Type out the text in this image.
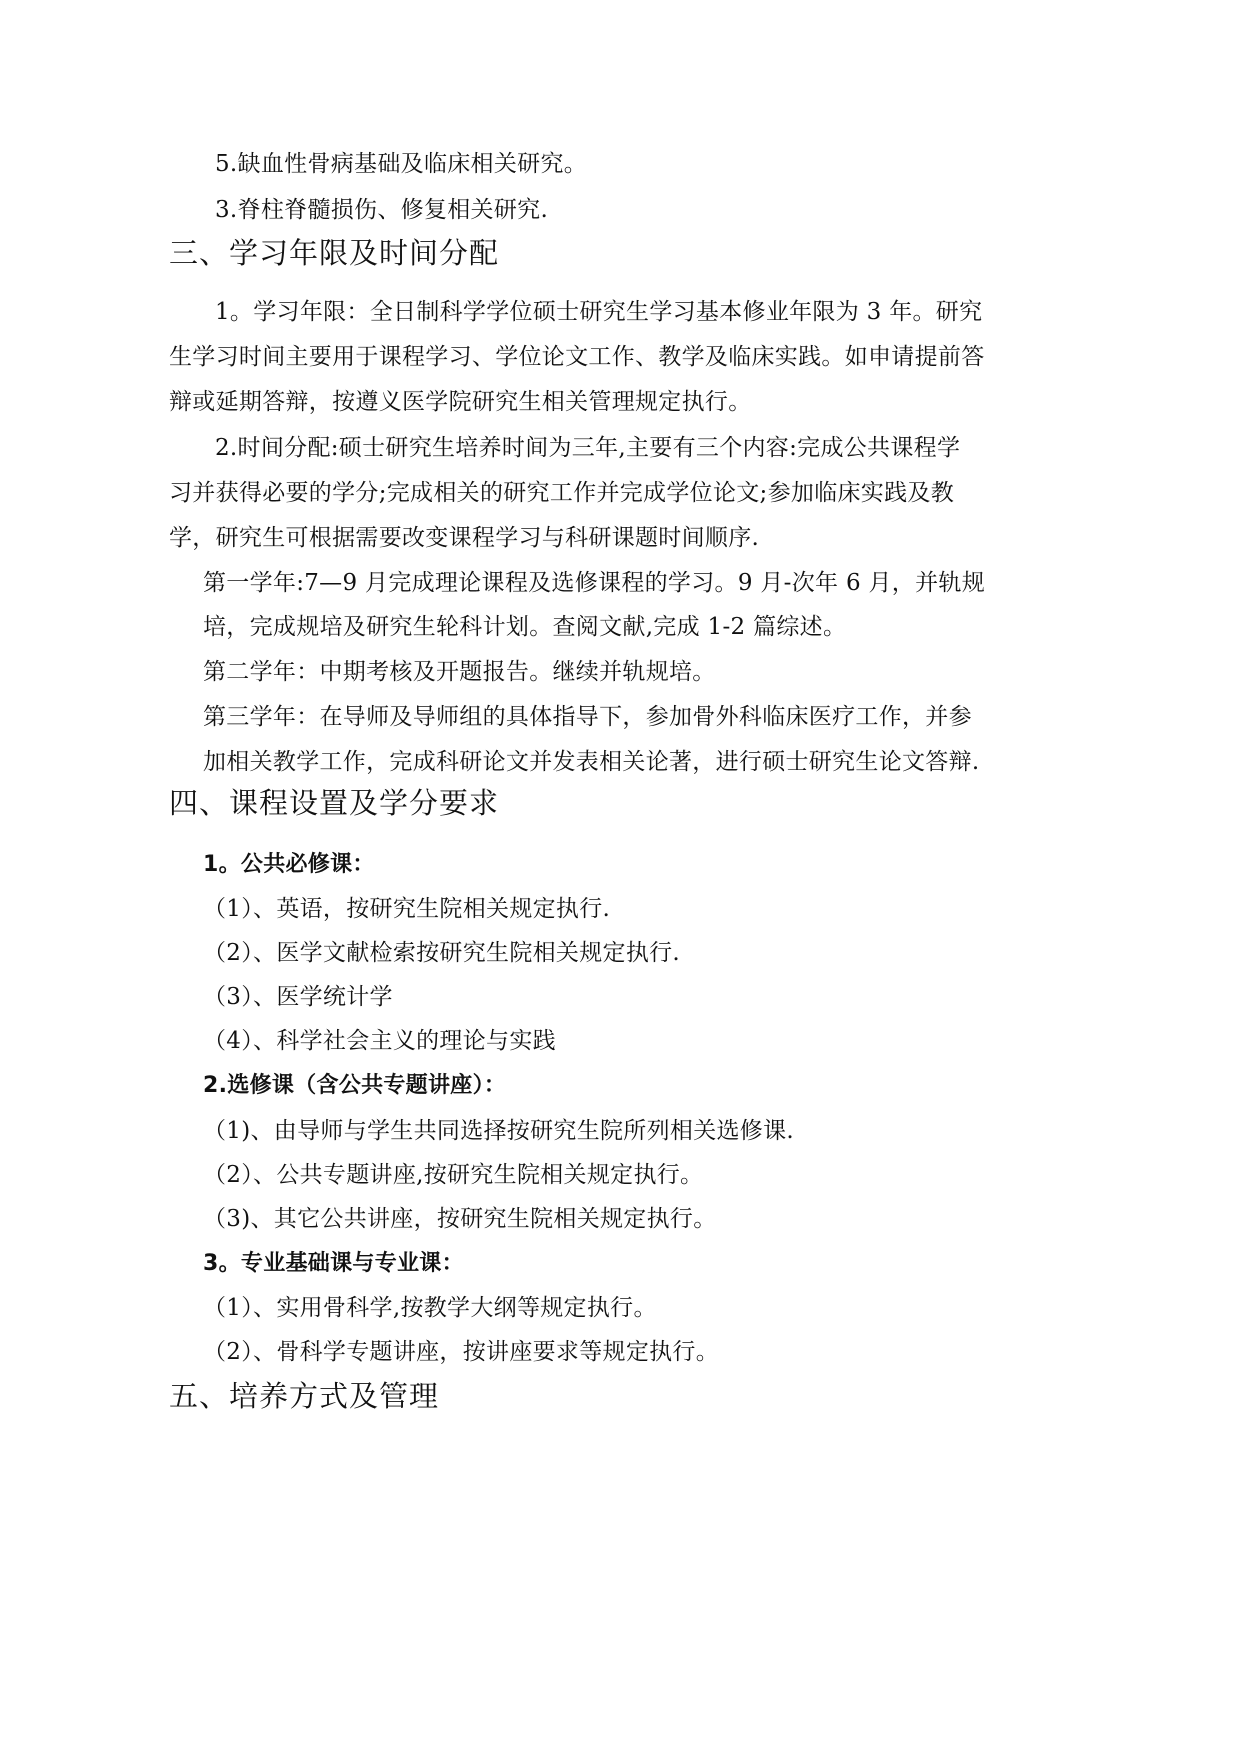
5.缺血性骨病基础及临床相关研究。
3.脊柱脊髓损伤、修复相关研究.
三、学习年限及时间分配
1。学习年限：全日制科学学位硕士研究生学习基本修业年限为 3 年。研究
生学习时间主要用于课程学习、学位论文工作、教学及临床实践。如申请提前答
辩或延期答辩，按遵义医学院研究生相关管理规定执行。
2.时间分配:硕士研究生培养时间为三年,主要有三个内容:完成公共课程学
习并获得必要的学分;完成相关的研究工作并完成学位论文;参加临床实践及教
学，研究生可根据需要改变课程学习与科研课题时间顺序.
第一学年:7—9 月完成理论课程及选修课程的学习。9 月-次年 6 月，并轨规
培，完成规培及研究生轮科计划。查阅文献,完成 1-2 篇综述。
第二学年：中期考核及开题报告。继续并轨规培。
第三学年：在导师及导师组的具体指导下，参加骨外科临床医疗工作，并参
加相关教学工作，完成科研论文并发表相关论著，进行硕士研究生论文答辩.
四、课程设置及学分要求
1。公共必修课：
（1）、英语，按研究生院相关规定执行.
（2）、医学文献检索按研究生院相关规定执行.
（3）、医学统计学
（4）、科学社会主义的理论与实践
2.选修课（含公共专题讲座）：
（1)、由导师与学生共同选择按研究生院所列相关选修课.
（2）、公共专题讲座,按研究生院相关规定执行。
（3)、其它公共讲座，按研究生院相关规定执行。
3。专业基础课与专业课：
（1）、实用骨科学,按教学大纲等规定执行。
（2）、骨科学专题讲座，按讲座要求等规定执行。
五、培养方式及管理
